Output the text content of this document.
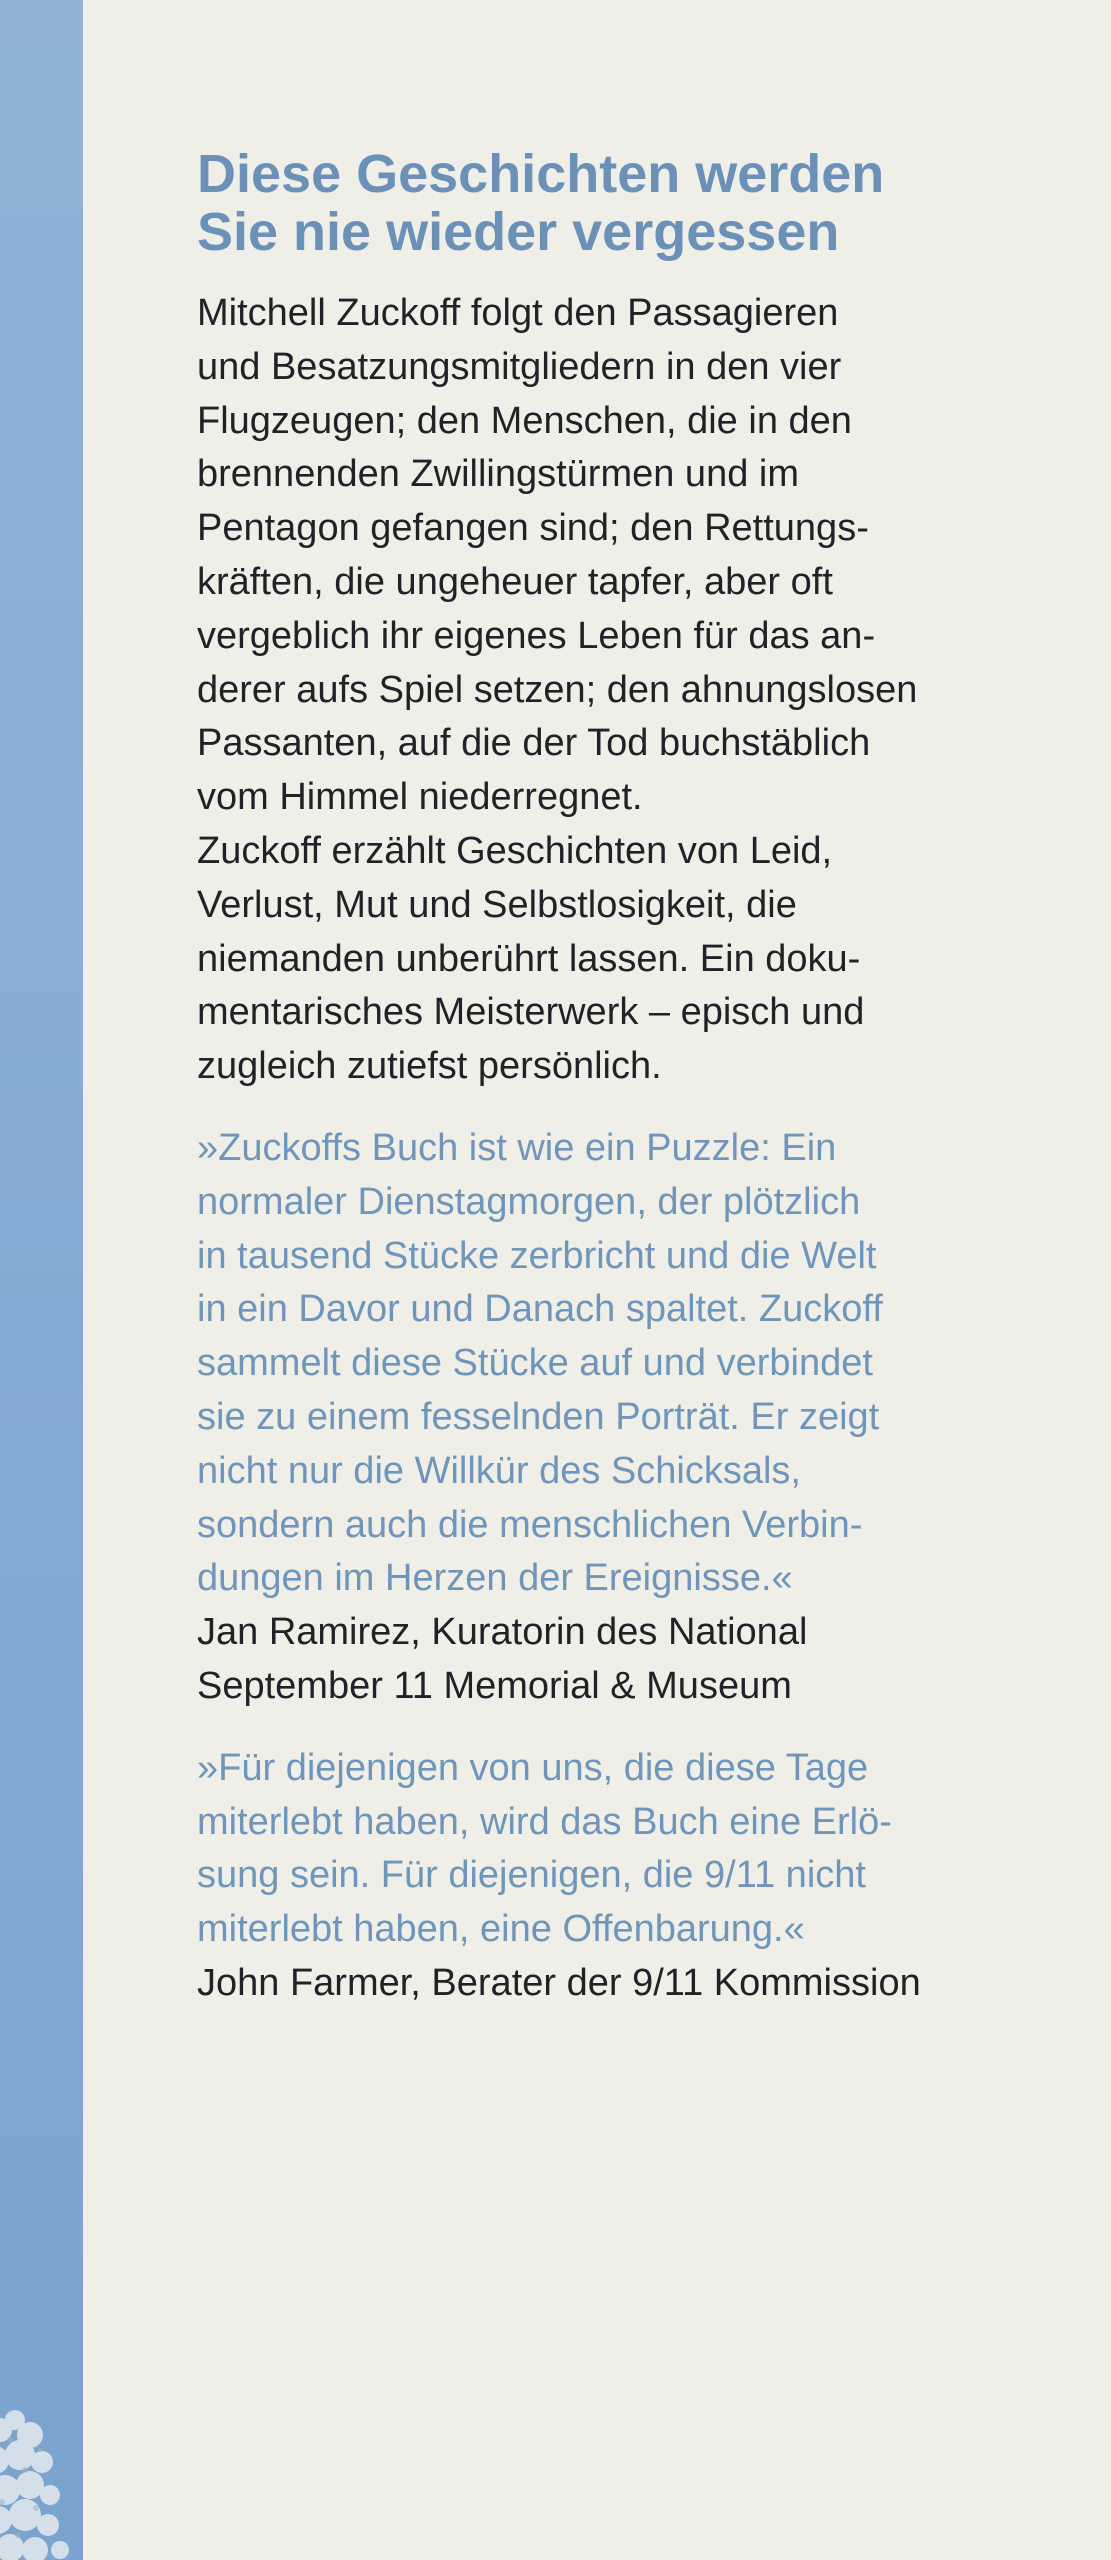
Diese Geschichten werden
Sie nie wieder vergessen

Mitchell Zuckoff folgt den Passagieren
und Besatzungsmitgliedern in den vier
Flugzeugen; den Menschen, die in den
brennenden Zwillingstürmen und im
Pentagon gefangen sind; den Rettungs-
kräften, die ungeheuer tapfer, aber oft
vergeblich ihr eigenes Leben für das an-
derer aufs Spiel setzen; den ahnungslosen
Passanten, auf die der Tod buchstäblich
vom Himmel niederregnet.
Zuckoff erzählt Geschichten von Leid,
Verlust, Mut und Selbstlosigkeit, die
niemanden unberührt lassen. Ein doku-
mentarisches Meisterwerk – episch und
zugleich zutiefst persönlich.

»Zuckoffs Buch ist wie ein Puzzle: Ein
normaler Dienstagmorgen, der plötzlich
in tausend Stücke zerbricht und die Welt
in ein Davor und Danach spaltet. Zuckoff
sammelt diese Stücke auf und verbindet
sie zu einem fesselnden Porträt. Er zeigt
nicht nur die Willkür des Schicksals,
sondern auch die menschlichen Verbin-
dungen im Herzen der Ereignisse.«

Jan Ramirez, Kuratorin des National
September 11 Memorial & Museum

»Für diejenigen von uns, die diese Tage
miterlebt haben, wird das Buch eine Erlö-
sung sein. Für diejenigen, die 9/11 nicht
miterlebt haben, eine Offenbarung.«

John Farmer, Berater der 9/11 Kommission
